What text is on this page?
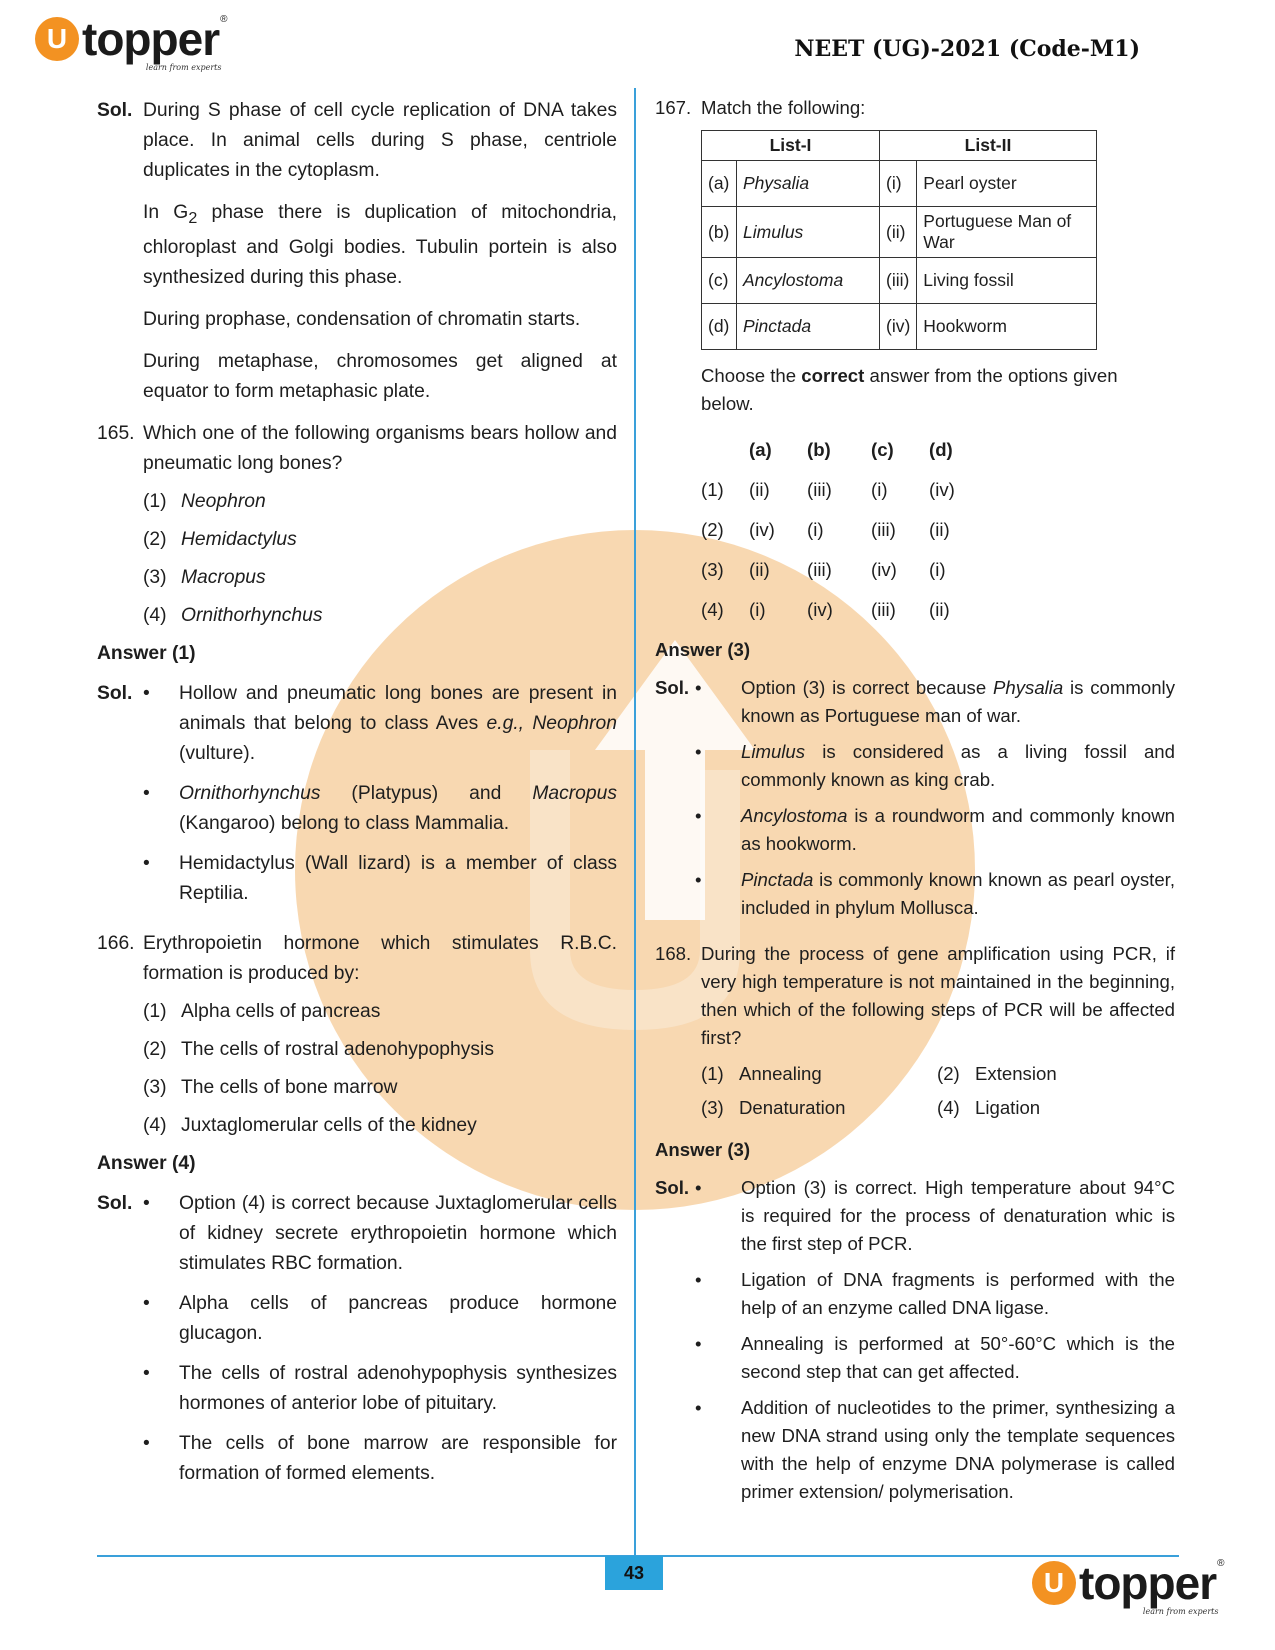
U topper ®
learn from experts
NEET (UG)-2021 (Code-M1)
Sol. During S phase of cell cycle replication of DNA takes place. In animal cells during S phase, centriole duplicates in the cytoplasm.

In $G_2$ phase there is duplication of mitochondria, chloroplast and Golgi bodies. Tubulin portein is also synthesized during this phase.

During prophase, condensation of chromatin starts.

During metaphase, chromosomes get aligned at equator to form metaphasic plate.

165. Which one of the following organisms bears hollow and pneumatic long bones?
(1) Neophron
(2) Hemidactylus
(3) Macropus
(4) Ornithorhynchus
Answer (1)
Sol. •	Hollow and pneumatic long bones are present in animals that belong to class Aves e.g., Neophron (vulture).
•	Ornithorhynchus (Platypus) and Macropus (Kangaroo) belong to class Mammalia.
•	Hemidactylus (Wall lizard) is a member of class Reptilia.
166. Erythropoietin hormone which stimulates R.B.C. formation is produced by:
(1) Alpha cells of pancreas
(2) The cells of rostral adenohypophysis
(3) The cells of bone marrow
(4) Juxtaglomerular cells of the kidney
Answer (4)
Sol. •	Option (4) is correct because Juxtaglomerular cells of kidney secrete erythropoietin hormone which stimulates RBC formation.
•	Alpha cells of pancreas produce hormone glucagon.
•	The cells of rostral adenohypophysis synthesizes hormones of anterior lobe of pituitary.
•	The cells of bone marrow are responsible for formation of formed elements.
167. Match the following:
List-I		List-II	
(a)	Physalia	(i)	Pearl oyster
(b)	Limulus	(ii)	Portuguese Man of War
(c)	Ancylostoma	(iii)	Living fossil
(d)	Pinctada	(iv)	Hookworm

Choose the correct answer from the options given below.

(a)	(b)	(c)	(d)
(1)	(ii)	(iii)	(i)	(iv)
(2)	(iv)	(i)	(iii)	(ii)
(3)	(ii)	(iii)	(iv)	(i)
(4)	(i)	(iv)	(iii)	(ii)
Answer (3)
Sol. •	Option (3) is correct because Physalia is commonly known as Portuguese man of war.
•	Limulus is considered as a living fossil and commonly known as king crab.
•	Ancylostoma is a roundworm and commonly known as hookworm.
•	Pinctada is commonly known known as pearl oyster, included in phylum Mollusca.
168. During the process of gene amplification using PCR, if very high temperature is not maintained in the beginning, then which of the following steps of PCR will be affected first?
(1) Annealing	(2) Extension
(3) Denaturation	(4) Ligation
Answer (3)
Sol. •	Option (3) is correct. High temperature about 94°C is required for the process of denaturation whic is the first step of PCR.
•	Ligation of DNA fragments is performed with the help of an enzyme called DNA ligase.
•	Annealing is performed at 50°-60°C which is the second step that can get affected.
•	Addition of nucleotides to the primer, synthesizing a new DNA strand using only the template sequences with the help of enzyme DNA polymerase is called primer extension/ polymerisation.
43	U topper ®
learn from experts
